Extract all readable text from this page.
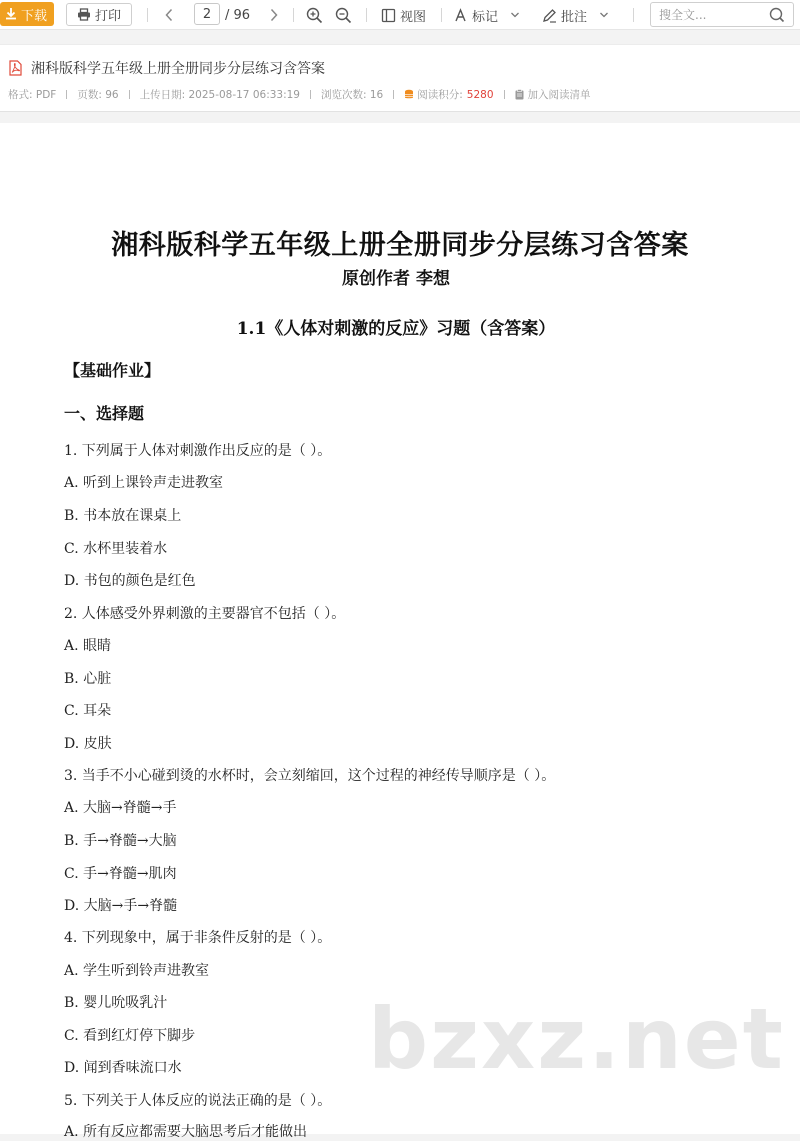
下载	打印	2	/ 96	视图	标记	批注	搜全文...
湘科版科学五年级上册全册同步分层练习含答案
格式: PDF 页数: 96 上传日期: 2025-08-17 06:33:19 浏览次数: 16	阅读积分: 5280	加入阅读清单
湘科版科学五年级上册全册同步分层练习含答案
原创作者 李想
1.1《人体对刺激的反应》习题（含答案）
【基础作业】
一、选择题
1. 下列属于人体对刺激作出反应的是（ ）。
A. 听到上课铃声走进教室
B. 书本放在课桌上
C. 水杯里装着水
D. 书包的颜色是红色
2. 人体感受外界刺激的主要器官不包括（ ）。
A. 眼睛
B. 心脏
C. 耳朵
D. 皮肤
3. 当手不小心碰到烫的水杯时，会立刻缩回，这个过程的神经传导顺序是（ ）。
A. 大脑→脊髓→手
B. 手→脊髓→大脑
C. 手→脊髓→肌肉
D. 大脑→手→脊髓
4. 下列现象中，属于非条件反射的是（ ）。
A. 学生听到铃声进教室
B. 婴儿吮吸乳汁
C. 看到红灯停下脚步
D. 闻到香味流口水
5. 下列关于人体反应的说法正确的是（ ）。
A. 所有反应都需要大脑思考后才能做出
bzxz.net
